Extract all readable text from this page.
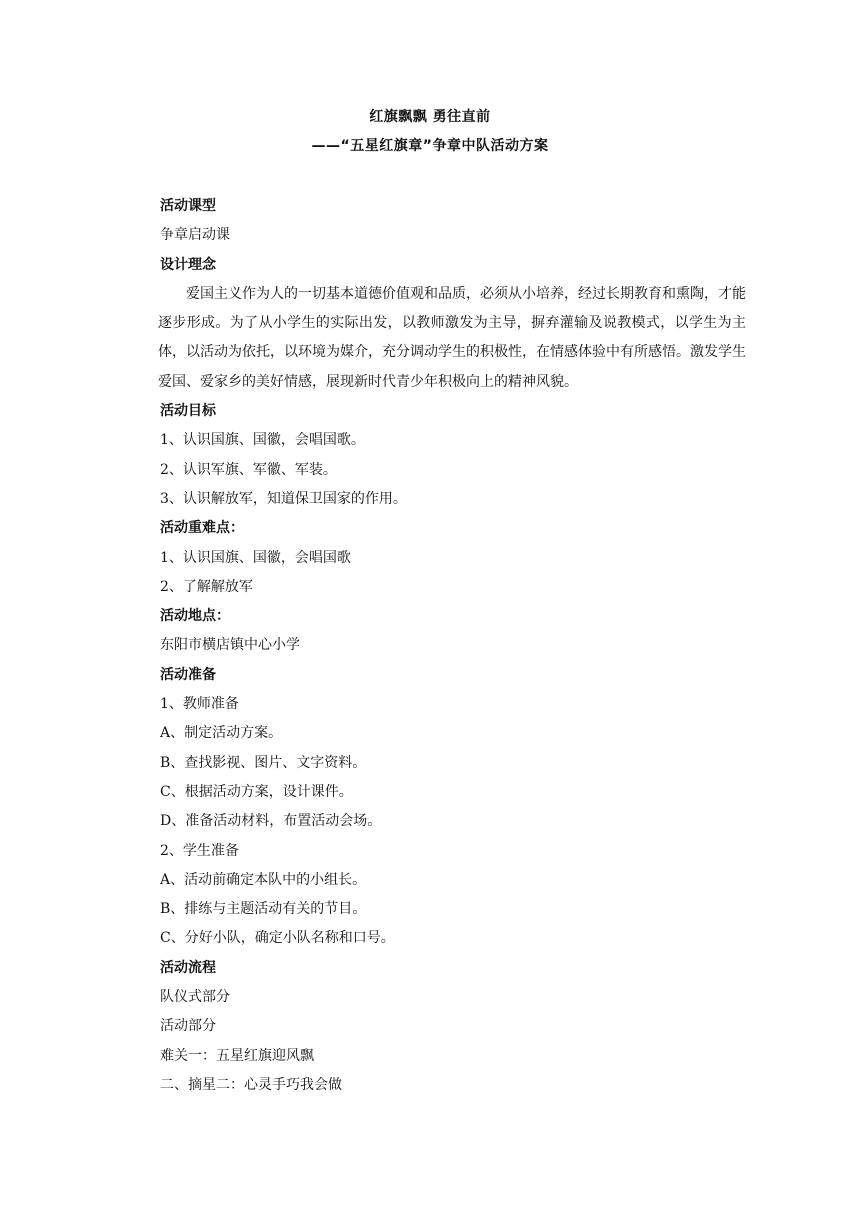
红旗飘飘 勇往直前
——“五星红旗章”争章中队活动方案
活动课型
争章启动课
设计理念

爱国主义作为人的一切基本道德价值观和品质，必须从小培养，经过长期教育和熏陶，才能逐步形成。为了从小学生的实际出发，以教师激发为主导，摒弃灌输及说教模式，以学生为主体，以活动为依托，以环境为媒介，充分调动学生的积极性，在情感体验中有所感悟。激发学生爱国、爱家乡的美好情感，展现新时代青少年积极向上的精神风貌。

活动目标
1、认识国旗、国徽，会唱国歌。
2、认识军旗、军徽、军装。
3、认识解放军，知道保卫国家的作用。
活动重难点：
1、认识国旗、国徽，会唱国歌
2、了解解放军
活动地点：
东阳市横店镇中心小学
活动准备
1、教师准备
A、制定活动方案。
B、查找影视、图片、文字资料。
C、根据活动方案，设计课件。
D、准备活动材料，布置活动会场。
2、学生准备
A、活动前确定本队中的小组长。
B、排练与主题活动有关的节目。
C、分好小队，确定小队名称和口号。
活动流程
队仪式部分
活动部分
难关一：五星红旗迎风飘
二、摘星二：心灵手巧我会做
